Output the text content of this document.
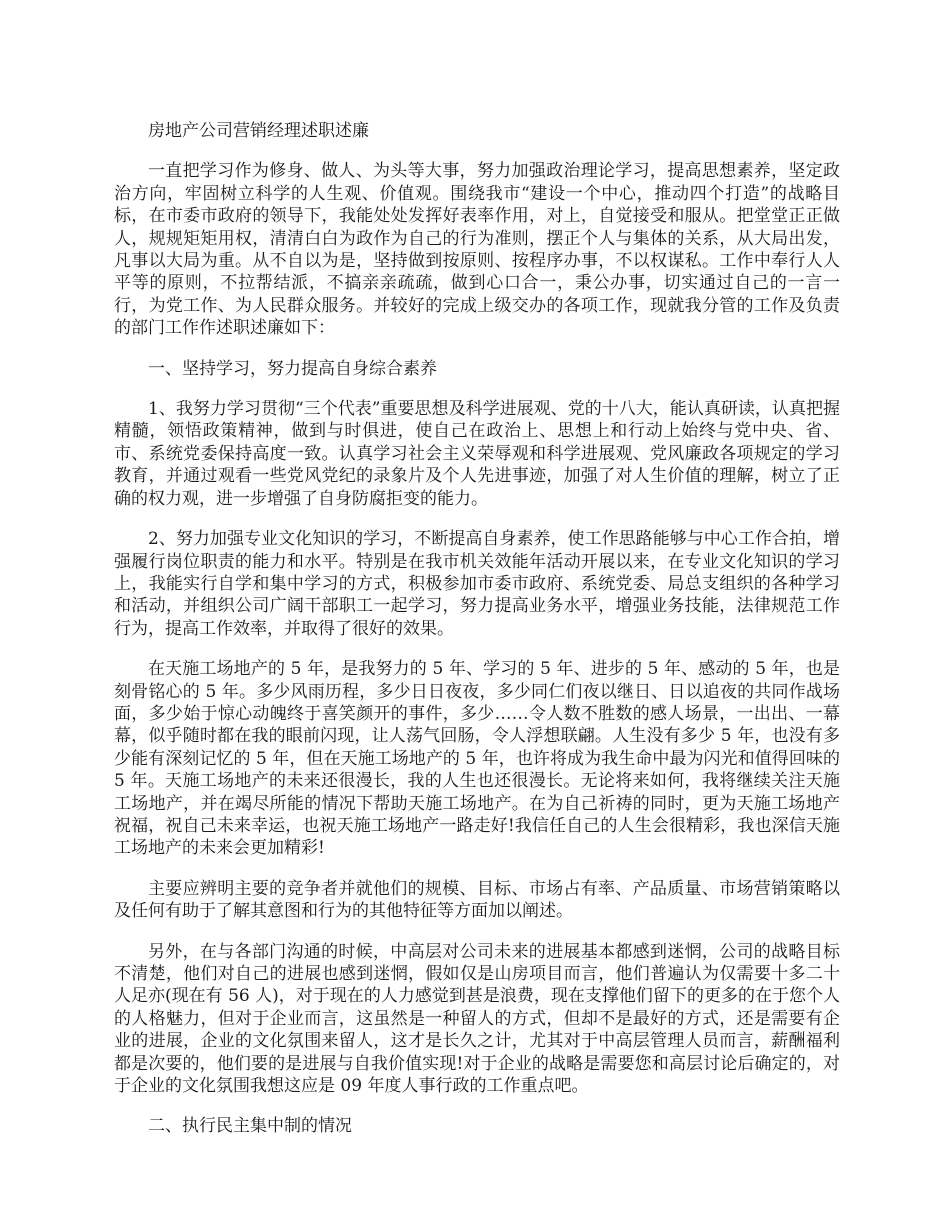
房地产公司营销经理述职述廉

一直把学习作为修身、做人、为头等大事，努力加强政治理论学习，提高思想素养，坚定政治方向，牢固树立科学的人生观、价值观。围绕我市“建设一个中心，推动四个打造”的战略目标，在市委市政府的领导下，我能处处发挥好表率作用，对上，自觉接受和服从。把堂堂正正做人，规规矩矩用权，清清白白为政作为自己的行为准则，摆正个人与集体的关系，从大局出发，凡事以大局为重。从不自以为是，坚持做到按原则、按程序办事，不以权谋私。工作中奉行人人平等的原则，不拉帮结派，不搞亲亲疏疏，做到心口合一，秉公办事，切实通过自己的一言一行，为党工作、为人民群众服务。并较好的完成上级交办的各项工作，现就我分管的工作及负责的部门工作作述职述廉如下：

一、坚持学习，努力提高自身综合素养

1、我努力学习贯彻“三个代表”重要思想及科学进展观、党的十八大，能认真研读，认真把握精髓，领悟政策精神，做到与时俱进，使自己在政治上、思想上和行动上始终与党中央、省、市、系统党委保持高度一致。认真学习社会主义荣辱观和科学进展观、党风廉政各项规定的学习教育，并通过观看一些党风党纪的录象片及个人先进事迹，加强了对人生价值的理解，树立了正确的权力观，进一步增强了自身防腐拒变的能力。

2、努力加强专业文化知识的学习，不断提高自身素养，使工作思路能够与中心工作合拍，增强履行岗位职责的能力和水平。特别是在我市机关效能年活动开展以来，在专业文化知识的学习上，我能实行自学和集中学习的方式，积极参加市委市政府、系统党委、局总支组织的各种学习和活动，并组织公司广阔干部职工一起学习，努力提高业务水平，增强业务技能，法律规范工作行为，提高工作效率，并取得了很好的效果。

在天施工场地产的 5 年，是我努力的 5 年、学习的 5 年、进步的 5 年、感动的 5 年，也是刻骨铭心的 5 年。多少风雨历程，多少日日夜夜，多少同仁们夜以继日、日以追夜的共同作战场面，多少始于惊心动魄终于喜笑颜开的事件，多少……令人数不胜数的感人场景，一出出、一幕幕，似乎随时都在我的眼前闪现，让人荡气回肠，令人浮想联翩。人生没有多少 5 年，也没有多少能有深刻记忆的 5 年，但在天施工场地产的 5 年，也许将成为我生命中最为闪光和值得回味的 5 年。天施工场地产的未来还很漫长，我的人生也还很漫长。无论将来如何，我将继续关注天施工场地产，并在竭尽所能的情况下帮助天施工场地产。在为自己祈祷的同时，更为天施工场地产祝福，祝自己未来幸运，也祝天施工场地产一路走好!我信任自己的人生会很精彩，我也深信天施工场地产的未来会更加精彩!

主要应辨明主要的竞争者并就他们的规模、目标、市场占有率、产品质量、市场营销策略以及任何有助于了解其意图和行为的其他特征等方面加以阐述。

另外，在与各部门沟通的时候，中高层对公司未来的进展基本都感到迷惘，公司的战略目标不清楚，他们对自己的进展也感到迷惘，假如仅是山房项目而言，他们普遍认为仅需要十多二十人足亦(现在有 56 人)，对于现在的人力感觉到甚是浪费，现在支撑他们留下的更多的在于您个人的人格魅力，但对于企业而言，这虽然是一种留人的方式，但却不是最好的方式，还是需要有企业的进展，企业的文化氛围来留人，这才是长久之计，尤其对于中高层管理人员而言，薪酬福利都是次要的，他们要的是进展与自我价值实现!对于企业的战略是需要您和高层讨论后确定的，对于企业的文化氛围我想这应是 09 年度人事行政的工作重点吧。

二、执行民主集中制的情况
